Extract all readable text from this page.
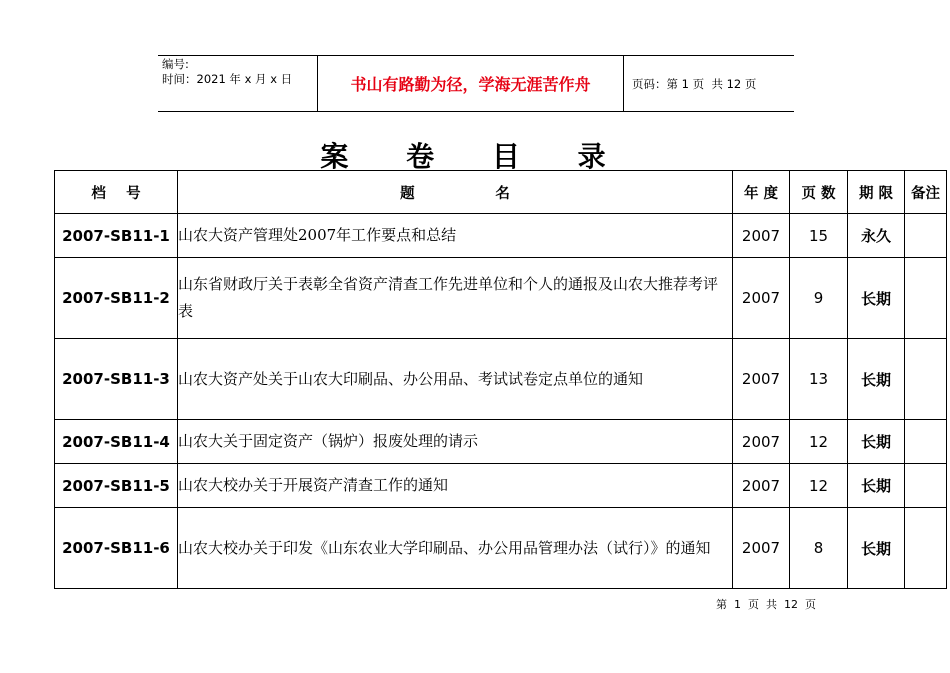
编号:
时间：2021 年 x 月 x 日	书山有路勤为径，学海无涯苦作舟	页码：第 1 页  共 12 页
案 卷 目 录
档    号	题                名	年 度	页 数	期 限	备注
2007-SB11-1	山农大资产管理处2007年工作要点和总结	2007	15	永久	
2007-SB11-2	山东省财政厅关于表彰全省资产清查工作先进单位和个人的通报及山农大推荐考评表	2007	9	长期	
2007-SB11-3	山农大资产处关于山农大印刷品、办公用品、考试试卷定点单位的通知	2007	13	长期	
2007-SB11-4	山农大关于固定资产（锅炉）报废处理的请示	2007	12	长期	
2007-SB11-5	山农大校办关于开展资产清查工作的通知	2007	12	长期	
2007-SB11-6	山农大校办关于印发《山东农业大学印刷品、办公用品管理办法（试行）》的通知	2007	8	长期	
第  1  页  共  12  页
